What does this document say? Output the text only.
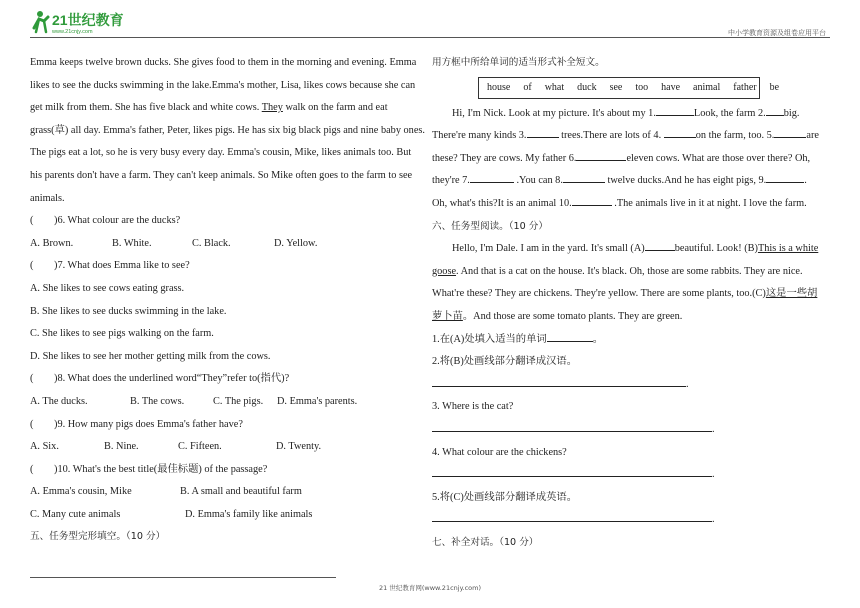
21世纪教育
www.21cnjy.com	中小学教育资源及组卷应用平台
Emma keeps twelve brown ducks. She gives food to them in the morning and evening. Emma
likes to see the ducks swimming in the lake.Emma's mother, Lisa, likes cows because she can
get milk from them. She has five black and white cows. They walk on the farm and eat
grass(草) all day. Emma's father, Peter, likes pigs. He has six big black pigs and nine baby ones.
The pigs eat a lot, so he is very busy every day. Emma's cousin, Mike, likes animals too. But
his parents don't have a farm. They can't keep animals. So Mike often goes to the farm to see
animals.
(　　)6. What colour are the ducks?
A. Brown.	B. White.	C. Black.	D. Yellow.
(　　)7. What does Emma like to see?
A. She likes to see cows eating grass.
B. She likes to see ducks swimming in the lake.
C. She likes to see pigs walking on the farm.
D. She likes to see her mother getting milk from the cows.
(　　)8. What does the underlined word“They”refer to(指代)?
A. The ducks.	B. The cows.	C. The pigs.	D. Emma's parents.
(　　)9. How many pigs does Emma's father have?
A. Six.	B. Nine.	C. Fifteen.	D. Twenty.
(　　)10. What's the best title(最佳标题) of the passage?
A. Emma's cousin, Mike	B. A small and beautiful farm
C. Many cute animals	D. Emma's family like animals
五、任务型完形填空。（10 分）
用方框中所给单词的适当形式补全短文。
house of what duck see too have animal father be
Hi, I'm Nick. Look at my picture. It's about my 1.	Look, the farm 2. big.
There're many kinds 3.	trees.There are lots of 4.	on the farm, too. 5.	are
these? They are cows. My father 6.	eleven cows. What are those over there? Oh,
they're 7.	.You can 8.	twelve ducks.And he has eight pigs, 9.	.
Oh, what's this?It is an animal 10.	.The animals live in it at night. I love the farm.
六、任务型阅读。（10 分）
Hello, I'm Dale. I am in the yard. It's small (A)	beautiful. Look! (B)This is a white
goose. And that is a cat on the house. It's black. Oh, those are some rabbits. They are nice.
What're these? They are chickens. They're yellow. There are some plants, too.(C)这是一些胡
萝卜苗。And those are some tomato plants. They are green.
1.在(A)处填入适当的单词	。
2.将(B)处画线部分翻译成汉语。
.
3. Where is the cat?
.
4. What colour are the chickens?
.
5.将(C)处画线部分翻译成英语。
.
七、补全对话。（10 分）
21 世纪教育网(www.21cnjy.com)
